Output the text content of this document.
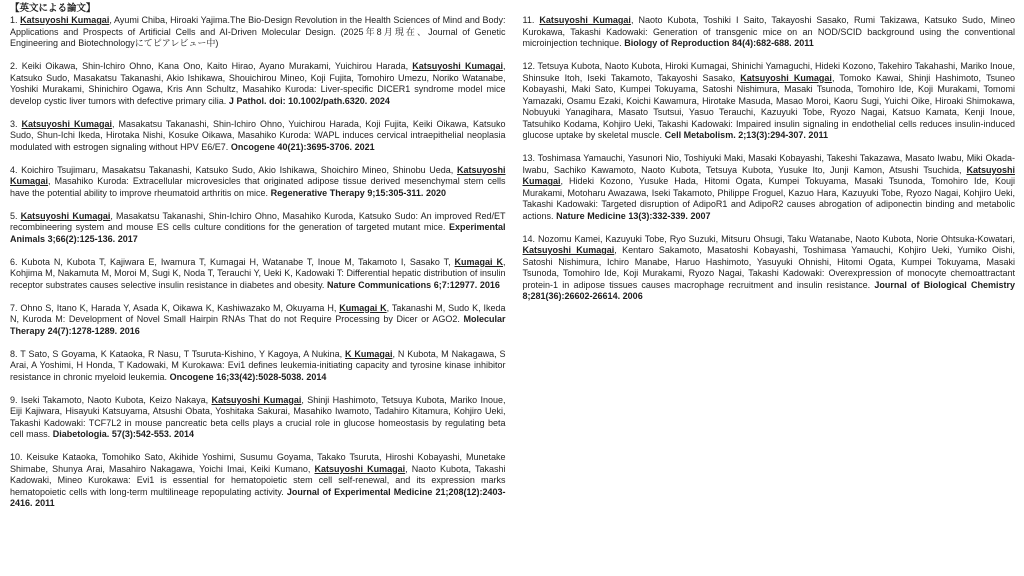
【英文による論文】

1. Katsuyoshi Kumagai, Ayumi Chiba, Hiroaki Yajima.The Bio-Design Revolution in the Health Sciences of Mind and Body: Applications and Prospects of Artificial Cells and AI-Driven Molecular Design. (2025年8月現在、Journal of Genetic Engineering and Biotechnologyにてピアレビュー中)

2. Keiki Oikawa, Shin-Ichiro Ohno, Kana Ono, Kaito Hirao, Ayano Murakami, Yuichirou Harada, Katsuyoshi Kumagai, Katsuko Sudo, Masakatsu Takanashi, Akio Ishikawa, Shouichirou Mineo, Koji Fujita, Tomohiro Umezu, Noriko Watanabe, Yoshiki Murakami, Shinichiro Ogawa, Kris Ann Schultz, Masahiko Kuroda: Liver-specific DICER1 syndrome model mice develop cystic liver tumors with defective primary cilia. J Pathol. doi: 10.1002/path.6320. 2024

3. Katsuyoshi Kumagai, Masakatsu Takanashi, Shin-Ichiro Ohno, Yuichirou Harada, Koji Fujita, Keiki Oikawa, Katsuko Sudo, Shun-Ichi Ikeda, Hirotaka Nishi, Kosuke Oikawa, Masahiko Kuroda: WAPL induces cervical intraepithelial neoplasia modulated with estrogen signaling without HPV E6/E7. Oncogene 40(21):3695-3706. 2021

4. Koichiro Tsujimaru, Masakatsu Takanashi, Katsuko Sudo, Akio Ishikawa, Shoichiro Mineo, Shinobu Ueda, Katsuyoshi Kumagai, Masahiko Kuroda: Extracellular microvesicles that originated adipose tissue derived mesenchymal stem cells have the potential ability to improve rheumatoid arthritis on mice. Regenerative Therapy 9;15:305-311. 2020

5. Katsuyoshi Kumagai, Masakatsu Takanashi, Shin-Ichiro Ohno, Masahiko Kuroda, Katsuko Sudo: An improved Red/ET recombineering system and mouse ES cells culture conditions for the generation of targeted mutant mice. Experimental Animals 3;66(2):125-136. 2017

6. Kubota N, Kubota T, Kajiwara E, Iwamura T, Kumagai H, Watanabe T, Inoue M, Takamoto I, Sasako T, Kumagai K, Kohjima M, Nakamuta M, Moroi M, Sugi K, Noda T, Terauchi Y, Ueki K, Kadowaki T: Differential hepatic distribution of insulin receptor substrates causes selective insulin resistance in diabetes and obesity. Nature Communications 6;7:12977. 2016

7. Ohno S, Itano K, Harada Y, Asada K, Oikawa K, Kashiwazako M, Okuyama H, Kumagai K, Takanashi M, Sudo K, Ikeda N, Kuroda M: Development of Novel Small Hairpin RNAs That do not Require Processing by Dicer or AGO2. Molecular Therapy 24(7):1278-1289. 2016

8. T Sato, S Goyama, K Kataoka, R Nasu, T Tsuruta-Kishino, Y Kagoya, A Nukina, K Kumagai, N Kubota, M Nakagawa, S Arai, A Yoshimi, H Honda, T Kadowaki, M Kurokawa: Evi1 defines leukemia-initiating capacity and tyrosine kinase inhibitor resistance in chronic myeloid leukemia. Oncogene 16;33(42):5028-5038. 2014

9. Iseki Takamoto, Naoto Kubota, Keizo Nakaya, Katsuyoshi Kumagai, Shinji Hashimoto, Tetsuya Kubota, Mariko Inoue, Eiji Kajiwara, Hisayuki Katsuyama, Atsushi Obata, Yoshitaka Sakurai, Masahiko Iwamoto, Tadahiro Kitamura, Kohjiro Ueki, Takashi Kadowaki: TCF7L2 in mouse pancreatic beta cells plays a crucial role in glucose homeostasis by regulating beta cell mass. Diabetologia. 57(3):542-553. 2014

10. Keisuke Kataoka, Tomohiko Sato, Akihide Yoshimi, Susumu Goyama, Takako Tsuruta, Hiroshi Kobayashi, Munetake Shimabe, Shunya Arai, Masahiro Nakagawa, Yoichi Imai, Keiki Kumano, Katsuyoshi Kumagai, Naoto Kubota, Takashi Kadowaki, Mineo Kurokawa: Evi1 is essential for hematopoietic stem cell self-renewal, and its expression marks hematopoietic cells with long-term multilineage repopulating activity. Journal of Experimental Medicine 21;208(12):2403-2416. 2011

11. Katsuyoshi Kumagai, Naoto Kubota, Toshiki I Saito, Takayoshi Sasako, Rumi Takizawa, Katsuko Sudo, Mineo Kurokawa, Takashi Kadowaki: Generation of transgenic mice on an NOD/SCID background using the conventional microinjection technique. Biology of Reproduction 84(4):682-688. 2011

12. Tetsuya Kubota, Naoto Kubota, Hiroki Kumagai, Shinichi Yamaguchi, Hideki Kozono, Takehiro Takahashi, Mariko Inoue, Shinsuke Itoh, Iseki Takamoto, Takayoshi Sasako, Katsuyoshi Kumagai, Tomoko Kawai, Shinji Hashimoto, Tsuneo Kobayashi, Maki Sato, Kumpei Tokuyama, Satoshi Nishimura, Masaki Tsunoda, Tomohiro Ide, Koji Murakami, Tomomi Yamazaki, Osamu Ezaki, Koichi Kawamura, Hirotake Masuda, Masao Moroi, Kaoru Sugi, Yuichi Oike, Hiroaki Shimokawa, Nobuyuki Yanagihara, Masato Tsutsui, Yasuo Terauchi, Kazuyuki Tobe, Ryozo Nagai, Katsuo Kamata, Kenji Inoue, Tatsuhiko Kodama, Kohjiro Ueki, Takashi Kadowaki: Impaired insulin signaling in endothelial cells reduces insulin-induced glucose uptake by skeletal muscle. Cell Metabolism. 2;13(3):294-307. 2011

13. Toshimasa Yamauchi, Yasunori Nio, Toshiyuki Maki, Masaki Kobayashi, Takeshi Takazawa, Masato Iwabu, Miki Okada-Iwabu, Sachiko Kawamoto, Naoto Kubota, Tetsuya Kubota, Yusuke Ito, Junji Kamon, Atsushi Tsuchida, Katsuyoshi Kumagai, Hideki Kozono, Yusuke Hada, Hitomi Ogata, Kumpei Tokuyama, Masaki Tsunoda, Tomohiro Ide, Kouji Murakami, Motoharu Awazawa, Iseki Takamoto, Philippe Froguel, Kazuo Hara, Kazuyuki Tobe, Ryozo Nagai, Kohjiro Ueki, Takashi Kadowaki: Targeted disruption of AdipoR1 and AdipoR2 causes abrogation of adiponectin binding and metabolic actions. Nature Medicine 13(3):332-339. 2007

14. Nozomu Kamei, Kazuyuki Tobe, Ryo Suzuki, Mitsuru Ohsugi, Taku Watanabe, Naoto Kubota, Norie Ohtsuka-Kowatari, Katsuyoshi Kumagai, Kentaro Sakamoto, Masatoshi Kobayashi, Toshimasa Yamauchi, Kohjiro Ueki, Yumiko Oishi, Satoshi Nishimura, Ichiro Manabe, Haruo Hashimoto, Yasuyuki Ohnishi, Hitomi Ogata, Kumpei Tokuyama, Masaki Tsunoda, Tomohiro Ide, Koji Murakami, Ryozo Nagai, Takashi Kadowaki: Overexpression of monocyte chemoattractant protein-1 in adipose tissues causes macrophage recruitment and insulin resistance. Journal of Biological Chemistry 8;281(36):26602-26614. 2006
